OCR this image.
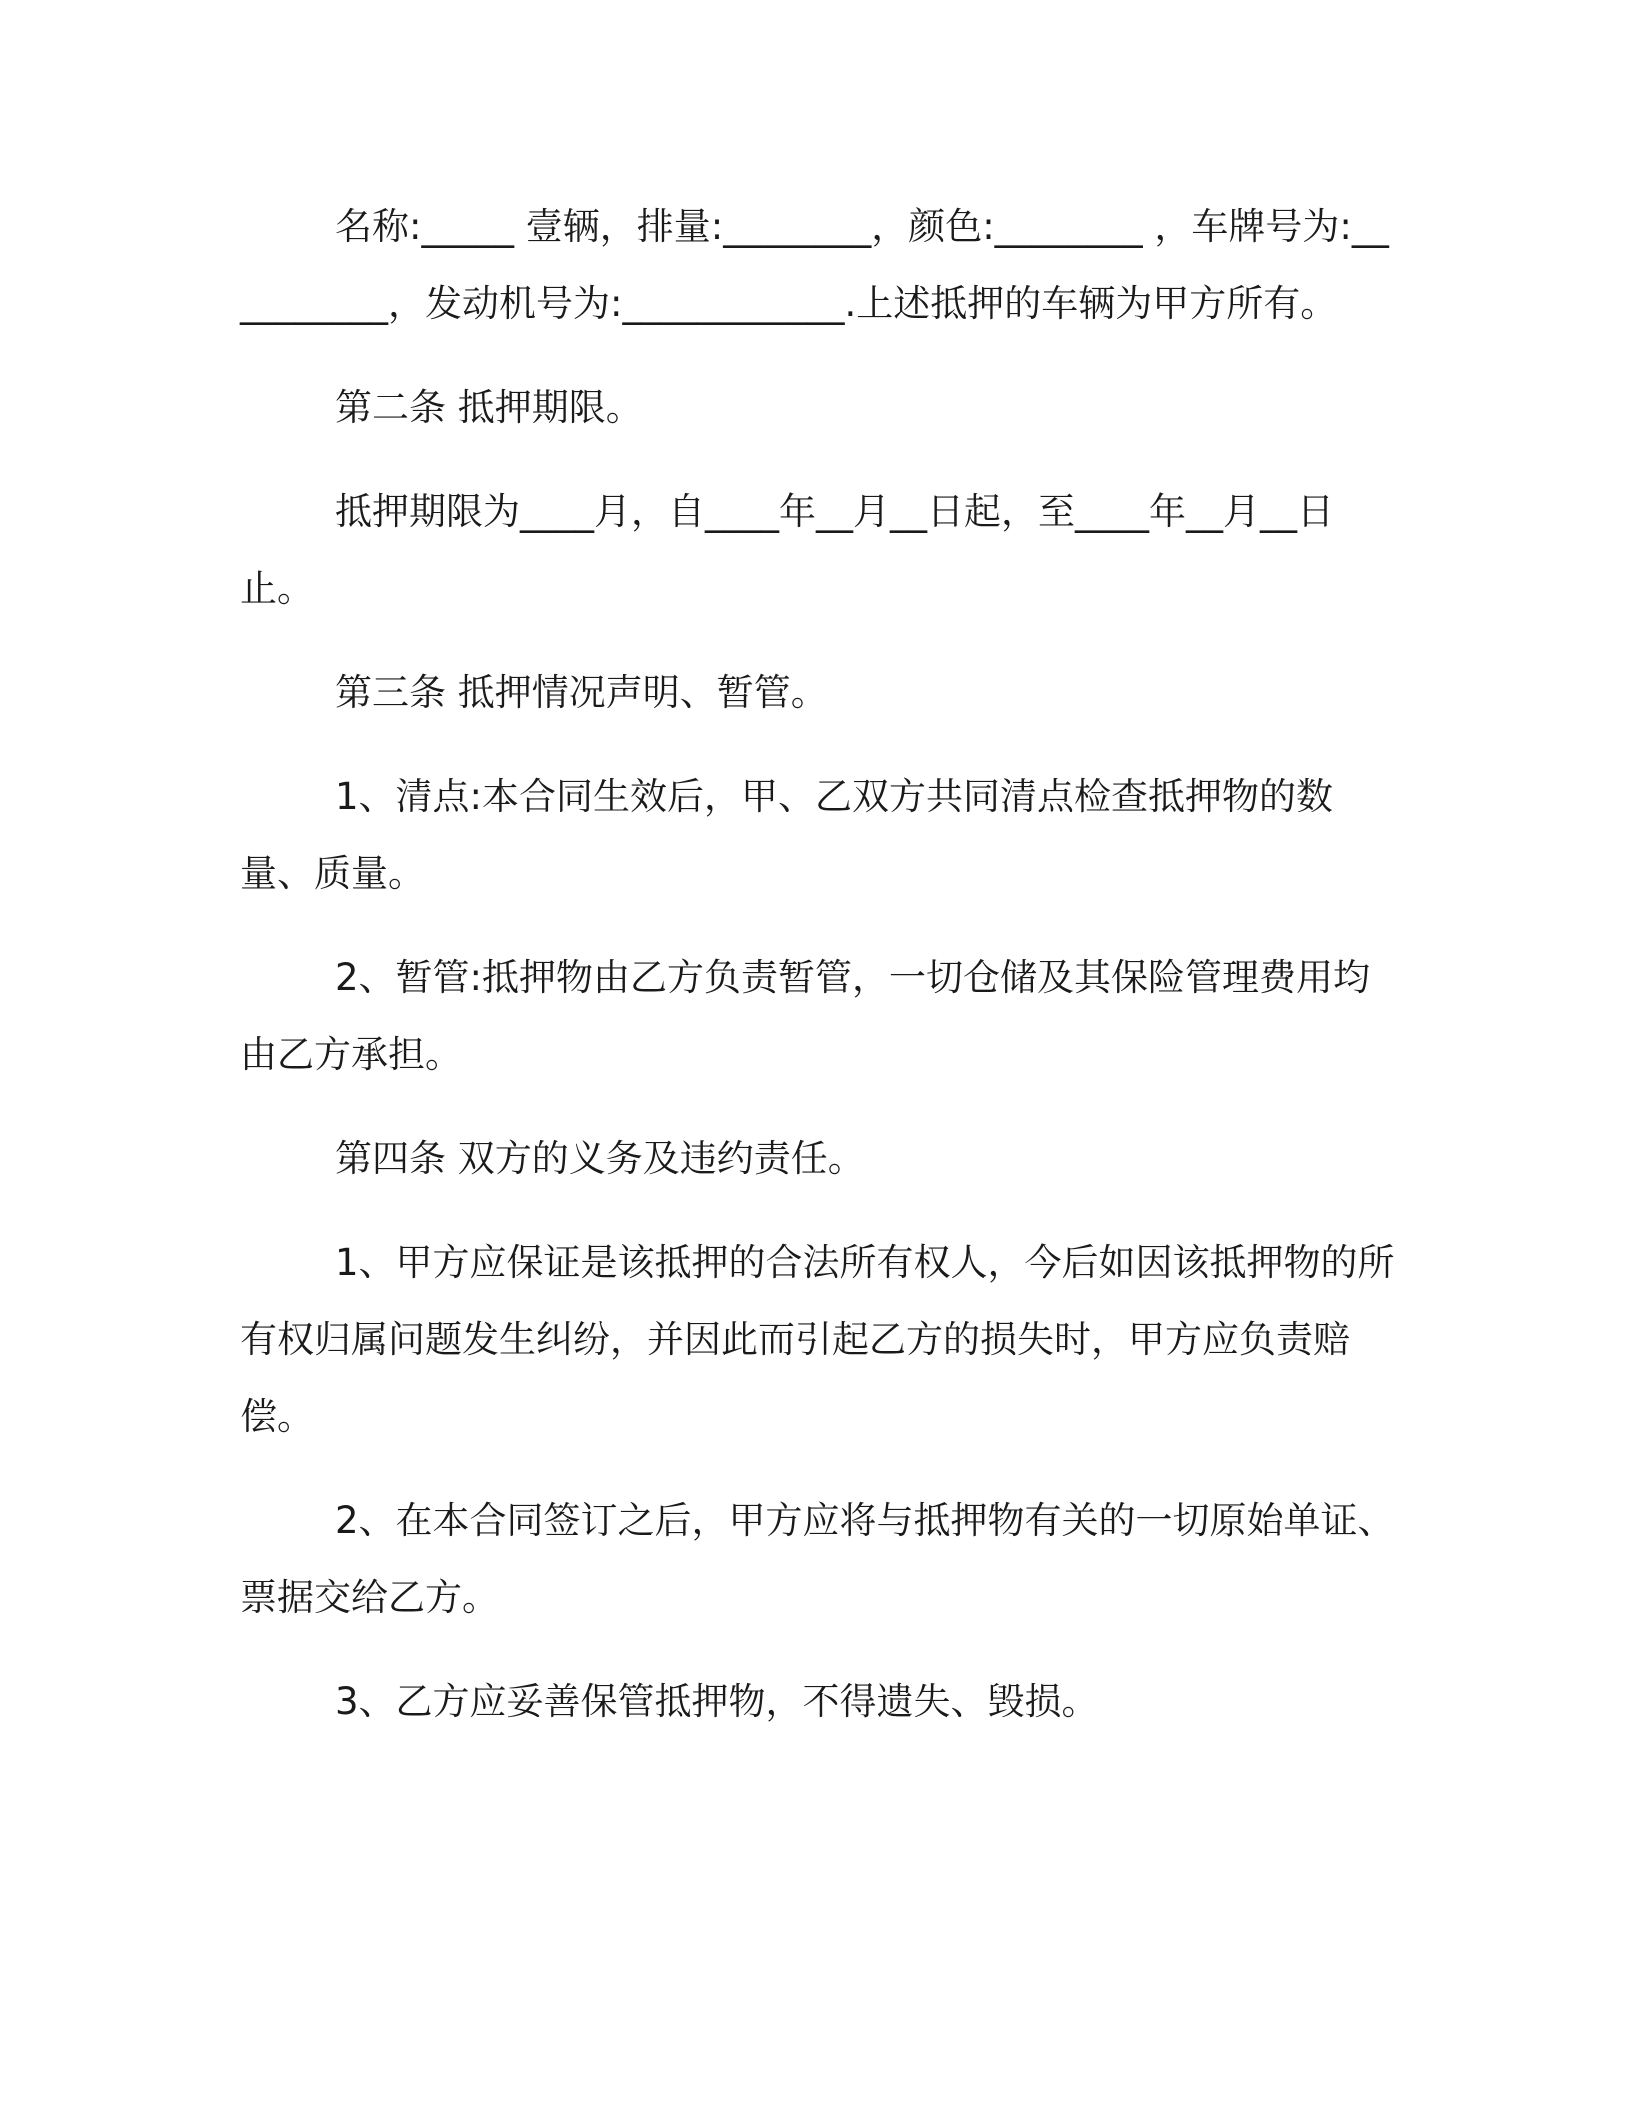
名称:_____ 壹辆，排量:________，颜色:________ ，车牌号为:__________，发动机号为:____________.上述抵押的车辆为甲方所有。

第二条 抵押期限。

抵押期限为____月，自____年__月__日起，至____年__月__日止。

第三条 抵押情况声明、暂管。

1、清点:本合同生效后，甲、乙双方共同清点检查抵押物的数量、质量。

2、暂管:抵押物由乙方负责暂管，一切仓储及其保险管理费用均由乙方承担。

第四条 双方的义务及违约责任。

1、甲方应保证是该抵押的合法所有权人，今后如因该抵押物的所有权归属问题发生纠纷，并因此而引起乙方的损失时，甲方应负责赔偿。

2、在本合同签订之后，甲方应将与抵押物有关的一切原始单证、票据交给乙方。

3、乙方应妥善保管抵押物，不得遗失、毁损。
